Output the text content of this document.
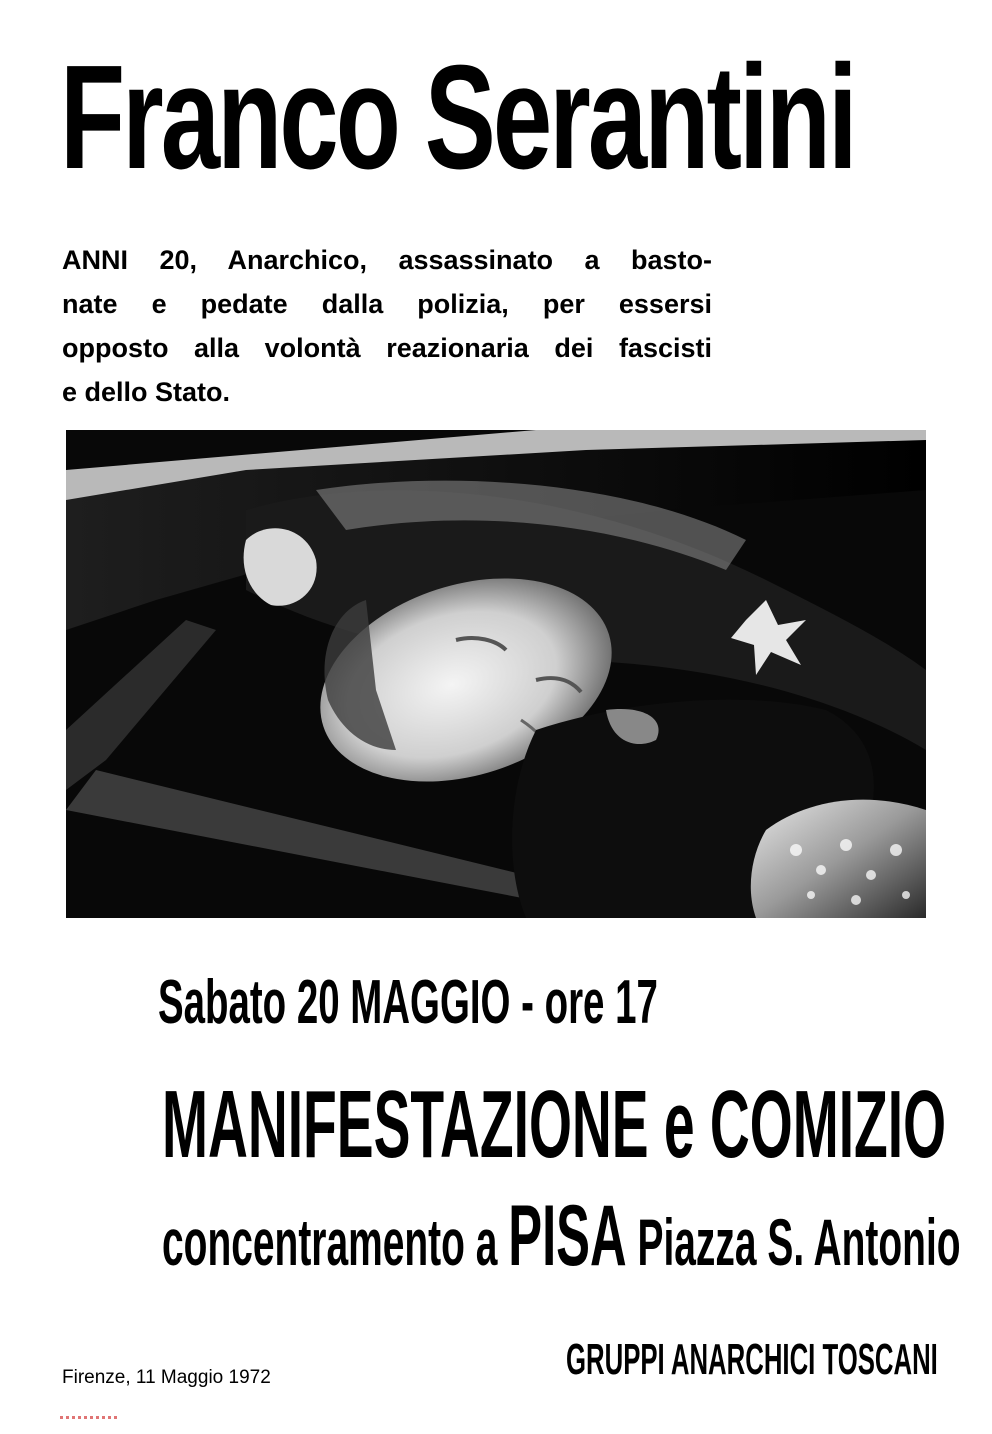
Franco Serantini
ANNI 20, Anarchico, assassinato a basto-
nate e pedate dalla polizia, per essersi
opposto alla volontà reazionaria dei fascisti
e dello Stato.
Sabato 20 MAGGIO - ore 17
MANIFESTAZIONE e COMIZIO
concentramento a PISA Piazza S. Antonio
GRUPPI ANARCHICI TOSCANI
Firenze, 11 Maggio 1972
